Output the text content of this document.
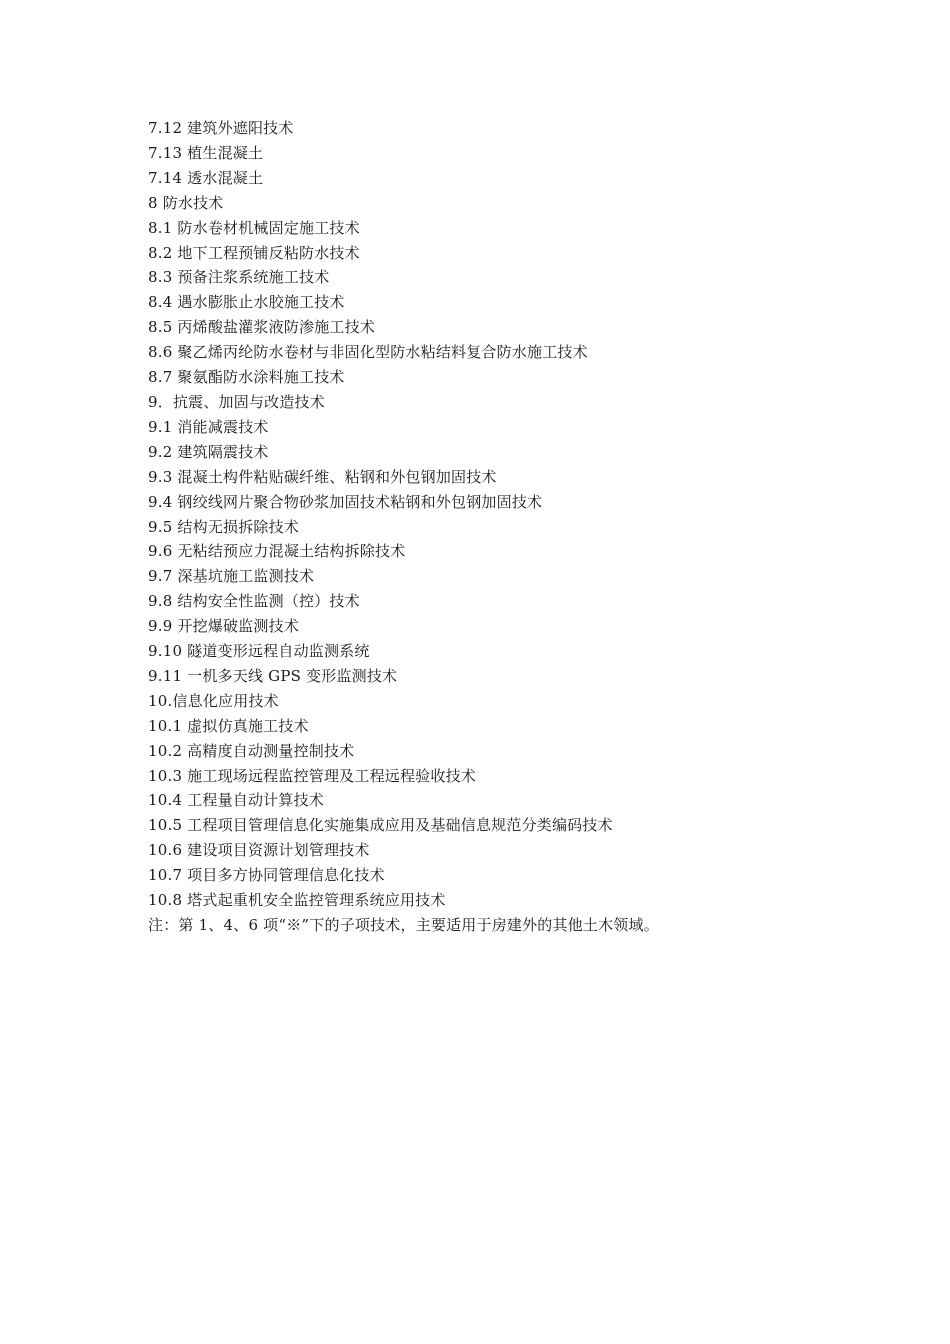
7.12 建筑外遮阳技术
7.13 植生混凝土
7.14 透水混凝土
8 防水技术
8.1 防水卷材机械固定施工技术
8.2 地下工程预铺反粘防水技术
8.3 预备注浆系统施工技术
8.4 遇水膨胀止水胶施工技术
8.5 丙烯酸盐灌浆液防渗施工技术
8.6 聚乙烯丙纶防水卷材与非固化型防水粘结料复合防水施工技术
8.7 聚氨酯防水涂料施工技术
9．抗震、加固与改造技术
9.1 消能减震技术
9.2 建筑隔震技术
9.3 混凝土构件粘贴碳纤维、粘钢和外包钢加固技术
9.4 钢绞线网片聚合物砂浆加固技术粘钢和外包钢加固技术
9.5 结构无损拆除技术
9.6 无粘结预应力混凝土结构拆除技术
9.7 深基坑施工监测技术
9.8 结构安全性监测（控）技术
9.9 开挖爆破监测技术
9.10 隧道变形远程自动监测系统
9.11 一机多天线 GPS 变形监测技术
10.信息化应用技术
10.1 虚拟仿真施工技术
10.2 高精度自动测量控制技术
10.3 施工现场远程监控管理及工程远程验收技术
10.4 工程量自动计算技术
10.5 工程项目管理信息化实施集成应用及基础信息规范分类编码技术
10.6 建设项目资源计划管理技术
10.7 项目多方协同管理信息化技术
10.8 塔式起重机安全监控管理系统应用技术
注：第 1、4、6 项“※”下的子项技术，主要适用于房建外的其他土木领域。
